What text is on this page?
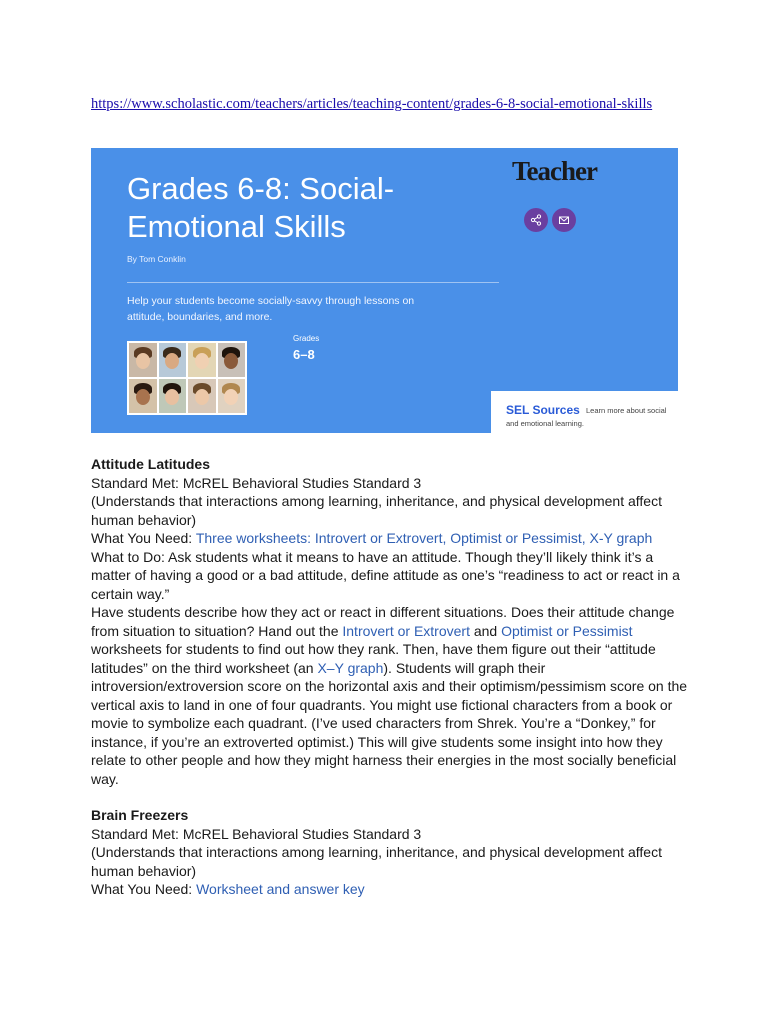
https://www.scholastic.com/teachers/articles/teaching-content/grades-6-8-social-emotional-skills
Grades 6-8: Social-Emotional Skills
By Tom Conklin
Help your students become socially-savvy through lessons on attitude, boundaries, and more.
Grades
6–8
Teacher
SEL Sources Learn more about social and emotional learning.

Attitude Latitudes

Standard Met: McREL Behavioral Studies Standard 3

(Understands that interactions among learning, inheritance, and physical development affect human behavior)

What You Need: Three worksheets: Introvert or Extrovert, Optimist or Pessimist, X-Y graph

What to Do: Ask students what it means to have an attitude. Though they’ll likely think it’s a matter of having a good or a bad attitude, define attitude as one’s “readiness to act or react in a certain way.”

Have students describe how they act or react in different situations. Does their attitude change from situation to situation? Hand out the Introvert or Extrovert and Optimist or Pessimist worksheets for students to find out how they rank. Then, have them figure out their “attitude latitudes” on the third worksheet (an X–Y graph). Students will graph their introversion/extroversion score on the horizontal axis and their optimism/pessimism score on the vertical axis to land in one of four quadrants. You might use fictional characters from a book or movie to symbolize each quadrant. (I’ve used characters from Shrek. You’re a “Donkey,” for instance, if you’re an extroverted optimist.) This will give students some insight into how they relate to other people and how they might harness their energies in the most socially beneficial way.

Brain Freezers

Standard Met: McREL Behavioral Studies Standard 3

(Understands that interactions among learning, inheritance, and physical development affect human behavior)

What You Need: Worksheet and answer key
